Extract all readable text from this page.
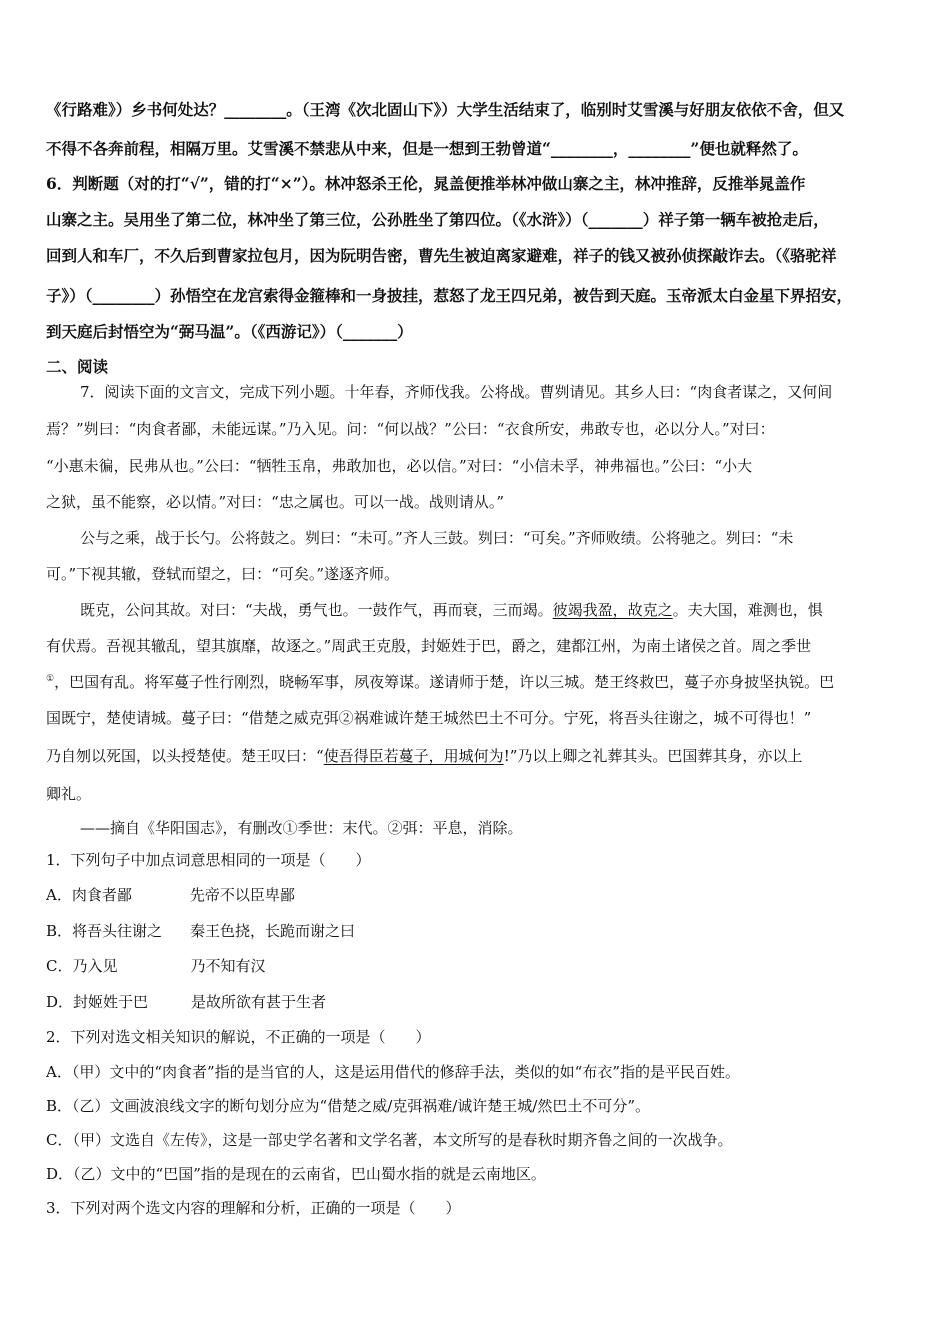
《行路难》）乡书何处达？________。（王湾《次北固山下》）大学生活结束了，临别时艾雪溪与好朋友依依不舍，但又
不得不各奔前程，相隔万里。艾雪溪不禁悲从中来，但是一想到王勃曾道“________，________”便也就释然了。
6．判断题（对的打“√”，错的打“×”）。林冲怒杀王伦，晁盖便推举林冲做山寨之主，林冲推辞，反推举晁盖作
山寨之主。吴用坐了第二位，林冲坐了第三位，公孙胜坐了第四位。（《水浒》）（_______）祥子第一辆车被抢走后，
回到人和车厂，不久后到曹家拉包月，因为阮明告密，曹先生被迫离家避难，祥子的钱又被孙侦探敲诈去。（《骆驼祥
子》）（________）孙悟空在龙宫索得金箍棒和一身披挂，惹怒了龙王四兄弟，被告到天庭。玉帝派太白金星下界招安，
到天庭后封悟空为“弼马温”。（《西游记》）（_______）
二、阅读
7．阅读下面的文言文，完成下列小题。十年春，齐师伐我。公将战。曹刿请见。其乡人曰：“肉食者谋之，又何间
焉？”刿曰：“肉食者鄙，未能远谋。”乃入见。问：“何以战？”公曰：“衣食所安，弗敢专也，必以分人。”对曰：
“小惠未徧，民弗从也。”公曰：“牺牲玉帛，弗敢加也，必以信。”对曰：“小信未孚，神弗福也。”公曰：“小大
之狱，虽不能察，必以情。”对曰：“忠之属也。可以一战。战则请从。”
公与之乘，战于长勺。公将鼓之。刿曰：“未可。”齐人三鼓。刿曰：“可矣。”齐师败绩。公将驰之。刿曰：“未
可。”下视其辙，登轼而望之，曰：“可矣。”遂逐齐师。
既克，公问其故。对曰：“夫战，勇气也。一鼓作气，再而衰，三而竭。彼竭我盈，故克之。夫大国，难测也，惧
有伏焉。吾视其辙乱，望其旗靡，故逐之。”周武王克殷，封姬姓于巴，爵之，建都江州，为南土诸侯之首。周之季世
①，巴国有乱。将军蔓子性行刚烈，晓畅军事，夙夜筹谋。遂请师于楚，许以三城。楚王终救巴，蔓子亦身披坚执锐。巴
国既宁，楚使请城。蔓子曰：“借楚之威克弭②祸难诚许楚王城然巴土不可分。宁死，将吾头往谢之，城不可得也！”
乃自刎以死国，以头授楚使。楚王叹曰：“使吾得臣若蔓子，用城何为!”乃以上卿之礼葬其头。巴国葬其身，亦以上
卿礼。
——摘自《华阳国志》，有删改①季世：末代。②弭：平息，消除。
1．下列句子中加点词意思相同的一项是（　　）
A．肉食者鄙	先帝不以臣卑鄙
B．将吾头往谢之 秦王色挠，长跪而谢之曰
C．乃入见	乃不知有汉
D．封姬姓于巴	是故所欲有甚于生者
2．下列对选文相关知识的解说，不正确的一项是（　　）
A．（甲）文中的“肉食者”指的是当官的人，这是运用借代的修辞手法，类似的如“布衣”指的是平民百姓。
B．（乙）文画波浪线文字的断句划分应为“借楚之威/克弭祸难/诚许楚王城/然巴土不可分”。
C．（甲）文选自《左传》，这是一部史学名著和文学名著，本文所写的是春秋时期齐鲁之间的一次战争。
D．（乙）文中的“巴国”指的是现在的云南省，巴山蜀水指的就是云南地区。
3．下列对两个选文内容的理解和分析，正确的一项是（　　）
